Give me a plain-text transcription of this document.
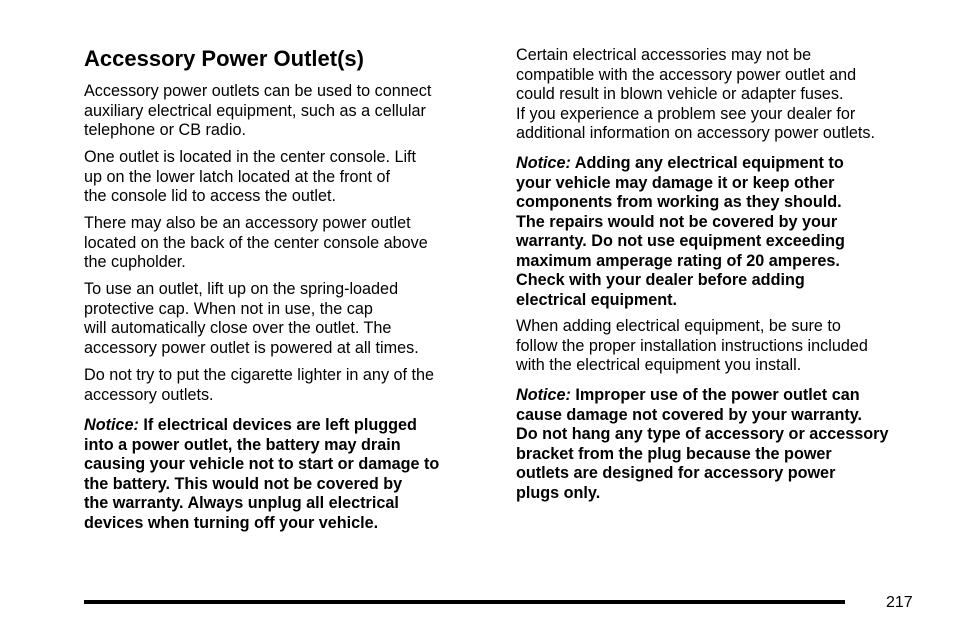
Accessory Power Outlet(s)

Accessory power outlets can be used to connect
auxiliary electrical equipment, such as a cellular
telephone or CB radio.

One outlet is located in the center console. Lift
up on the lower latch located at the front of
the console lid to access the outlet.

There may also be an accessory power outlet
located on the back of the center console above
the cupholder.

To use an outlet, lift up on the spring-loaded
protective cap. When not in use, the cap
will automatically close over the outlet. The
accessory power outlet is powered at all times.

Do not try to put the cigarette lighter in any of the
accessory outlets.

Notice: If electrical devices are left plugged
into a power outlet, the battery may drain
causing your vehicle not to start or damage to
the battery. This would not be covered by
the warranty. Always unplug all electrical
devices when turning off your vehicle.

Certain electrical accessories may not be
compatible with the accessory power outlet and
could result in blown vehicle or adapter fuses.
If you experience a problem see your dealer for
additional information on accessory power outlets.

Notice: Adding any electrical equipment to
your vehicle may damage it or keep other
components from working as they should.
The repairs would not be covered by your
warranty. Do not use equipment exceeding
maximum amperage rating of 20 amperes.
Check with your dealer before adding
electrical equipment.

When adding electrical equipment, be sure to
follow the proper installation instructions included
with the electrical equipment you install.

Notice: Improper use of the power outlet can
cause damage not covered by your warranty.
Do not hang any type of accessory or accessory
bracket from the plug because the power
outlets are designed for accessory power
plugs only.

217
